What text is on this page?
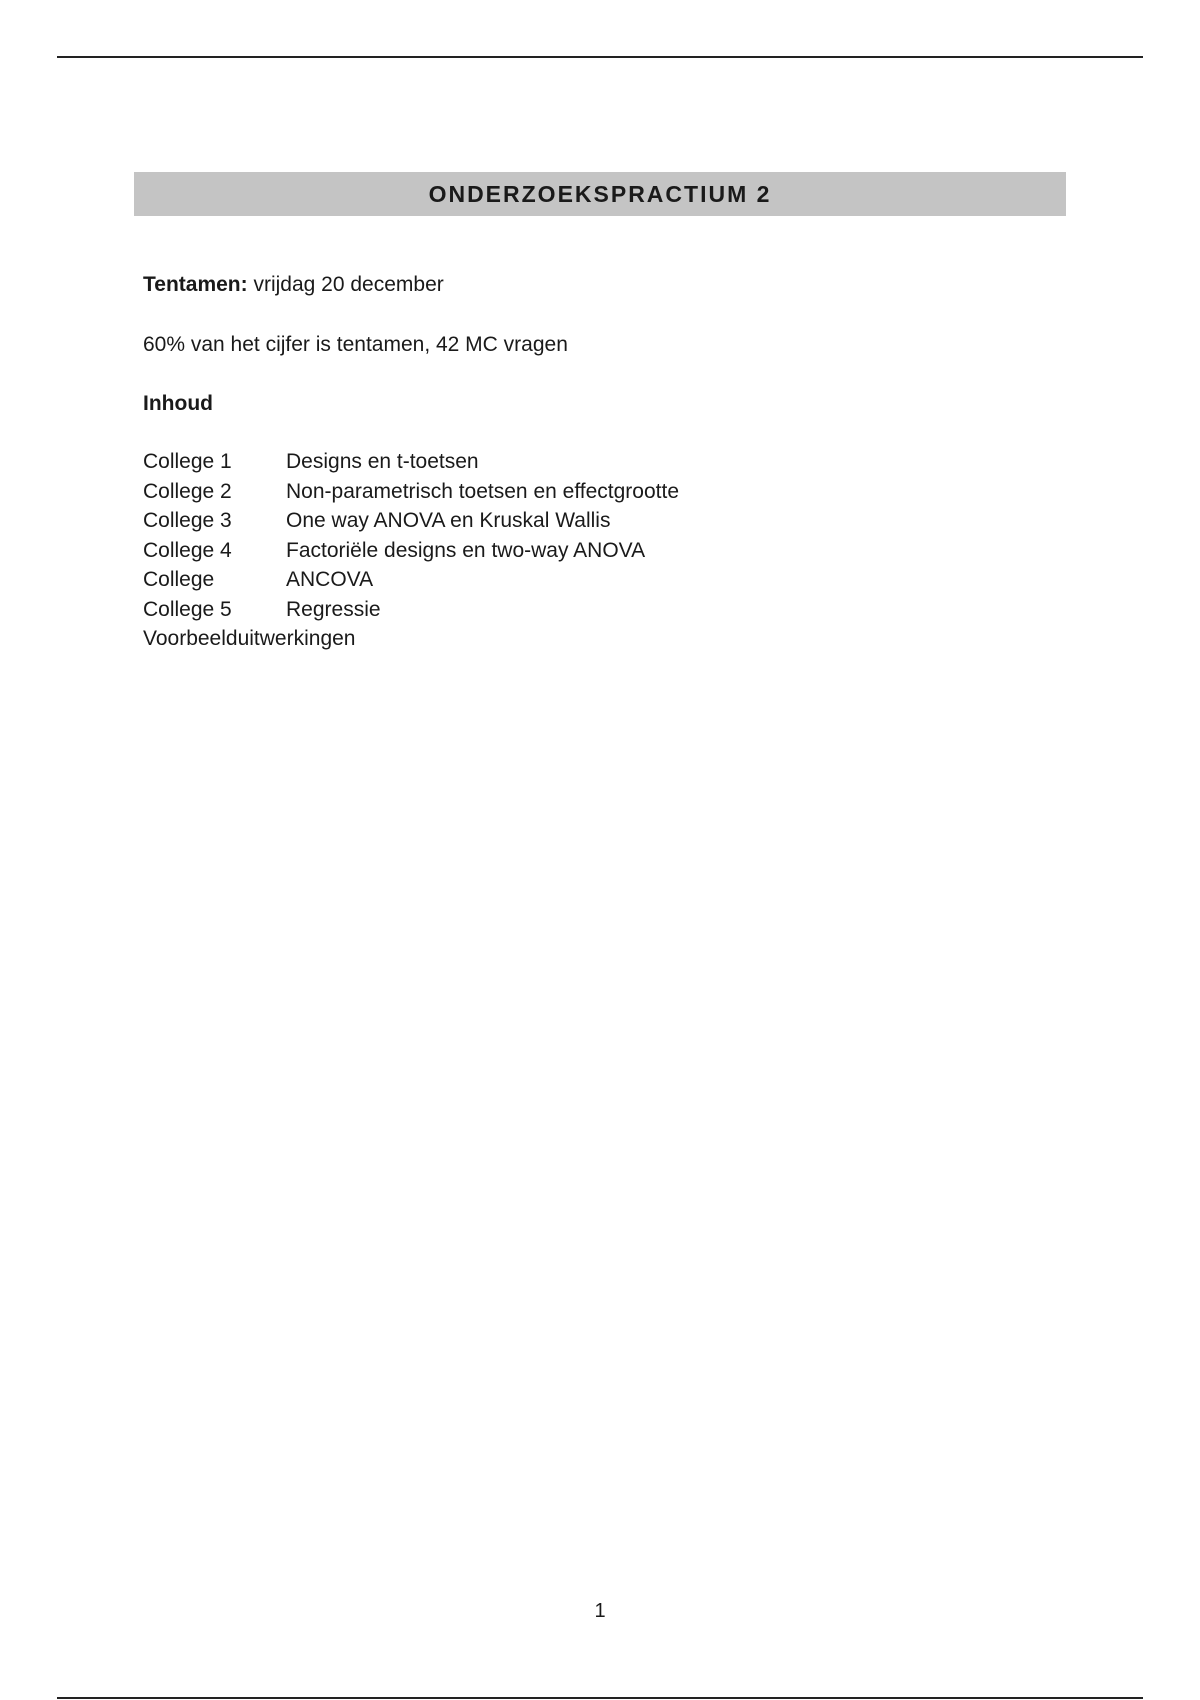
ONDERZOEKSPRACTIUM 2

Tentamen: vrijdag 20 december

60% van het cijfer is tentamen, 42 MC vragen

Inhoud

College 1	Designs en t-toetsen
College 2	Non-parametrisch toetsen en effectgrootte
College 3	One way ANOVA en Kruskal Wallis
College 4	Factoriële designs en two-way ANOVA
College	ANCOVA
College 5	Regressie
Voorbeelduitwerkingen
1
